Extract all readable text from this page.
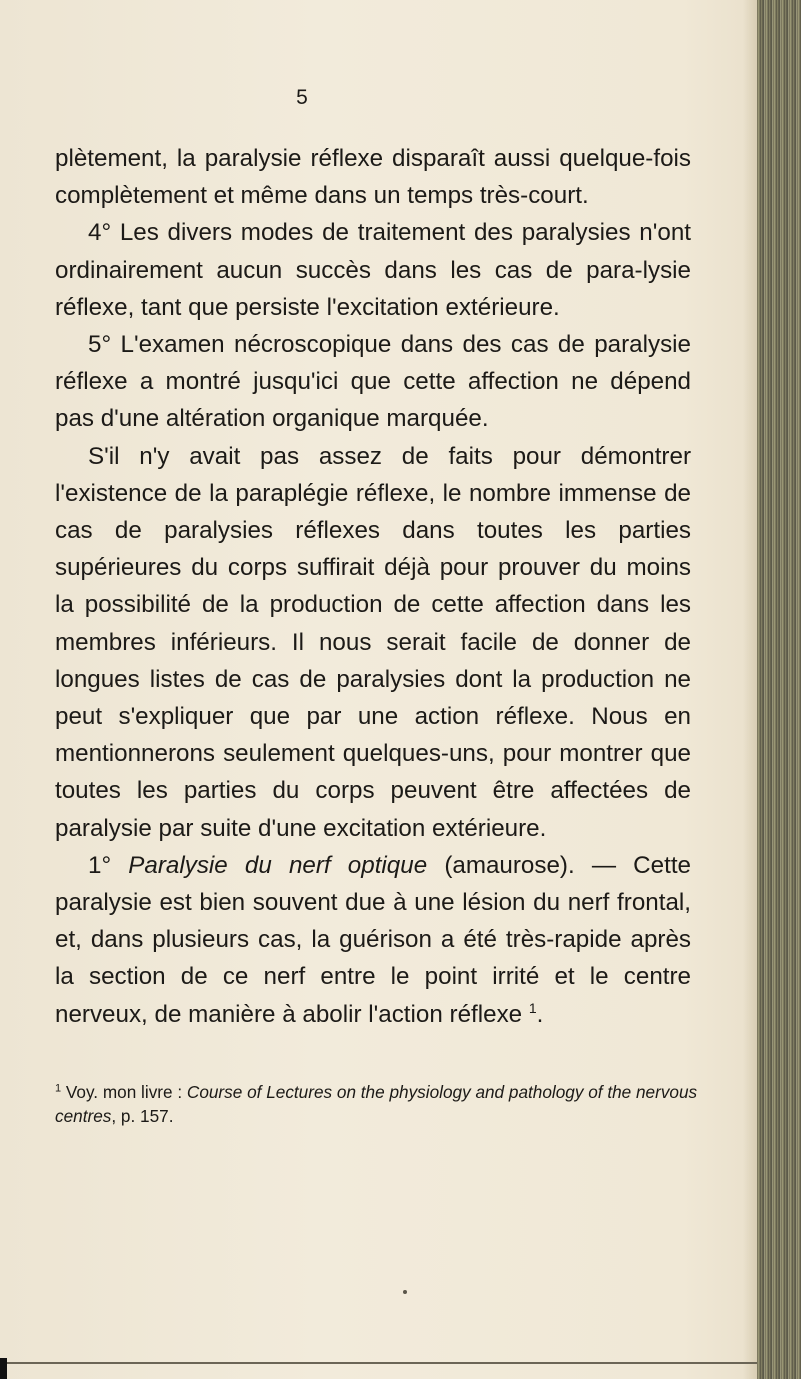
5

plètement, la paralysie réflexe disparaît aussi quelque-fois complètement et même dans un temps très-court.

4° Les divers modes de traitement des paralysies n'ont ordinairement aucun succès dans les cas de para-lysie réflexe, tant que persiste l'excitation extérieure.

5° L'examen nécroscopique dans des cas de paralysie réflexe a montré jusqu'ici que cette affection ne dépend pas d'une altération organique marquée.

S'il n'y avait pas assez de faits pour démontrer l'existence de la paraplégie réflexe, le nombre immense de cas de paralysies réflexes dans toutes les parties supérieures du corps suffirait déjà pour prouver du moins la possibilité de la production de cette affection dans les membres inférieurs. Il nous serait facile de donner de longues listes de cas de paralysies dont la production ne peut s'expliquer que par une action réflexe. Nous en mentionnerons seulement quelques-uns, pour montrer que toutes les parties du corps peuvent être affectées de paralysie par suite d'une excitation extérieure.

1° Paralysie du nerf optique (amaurose). — Cette paralysie est bien souvent due à une lésion du nerf frontal, et, dans plusieurs cas, la guérison a été très-rapide après la section de ce nerf entre le point irrité et le centre nerveux, de manière à abolir l'action réflexe $^1$.

$^1$ Voy. mon livre : Course of Lectures on the physiology and pathology of the nervous centres, p. 157.
